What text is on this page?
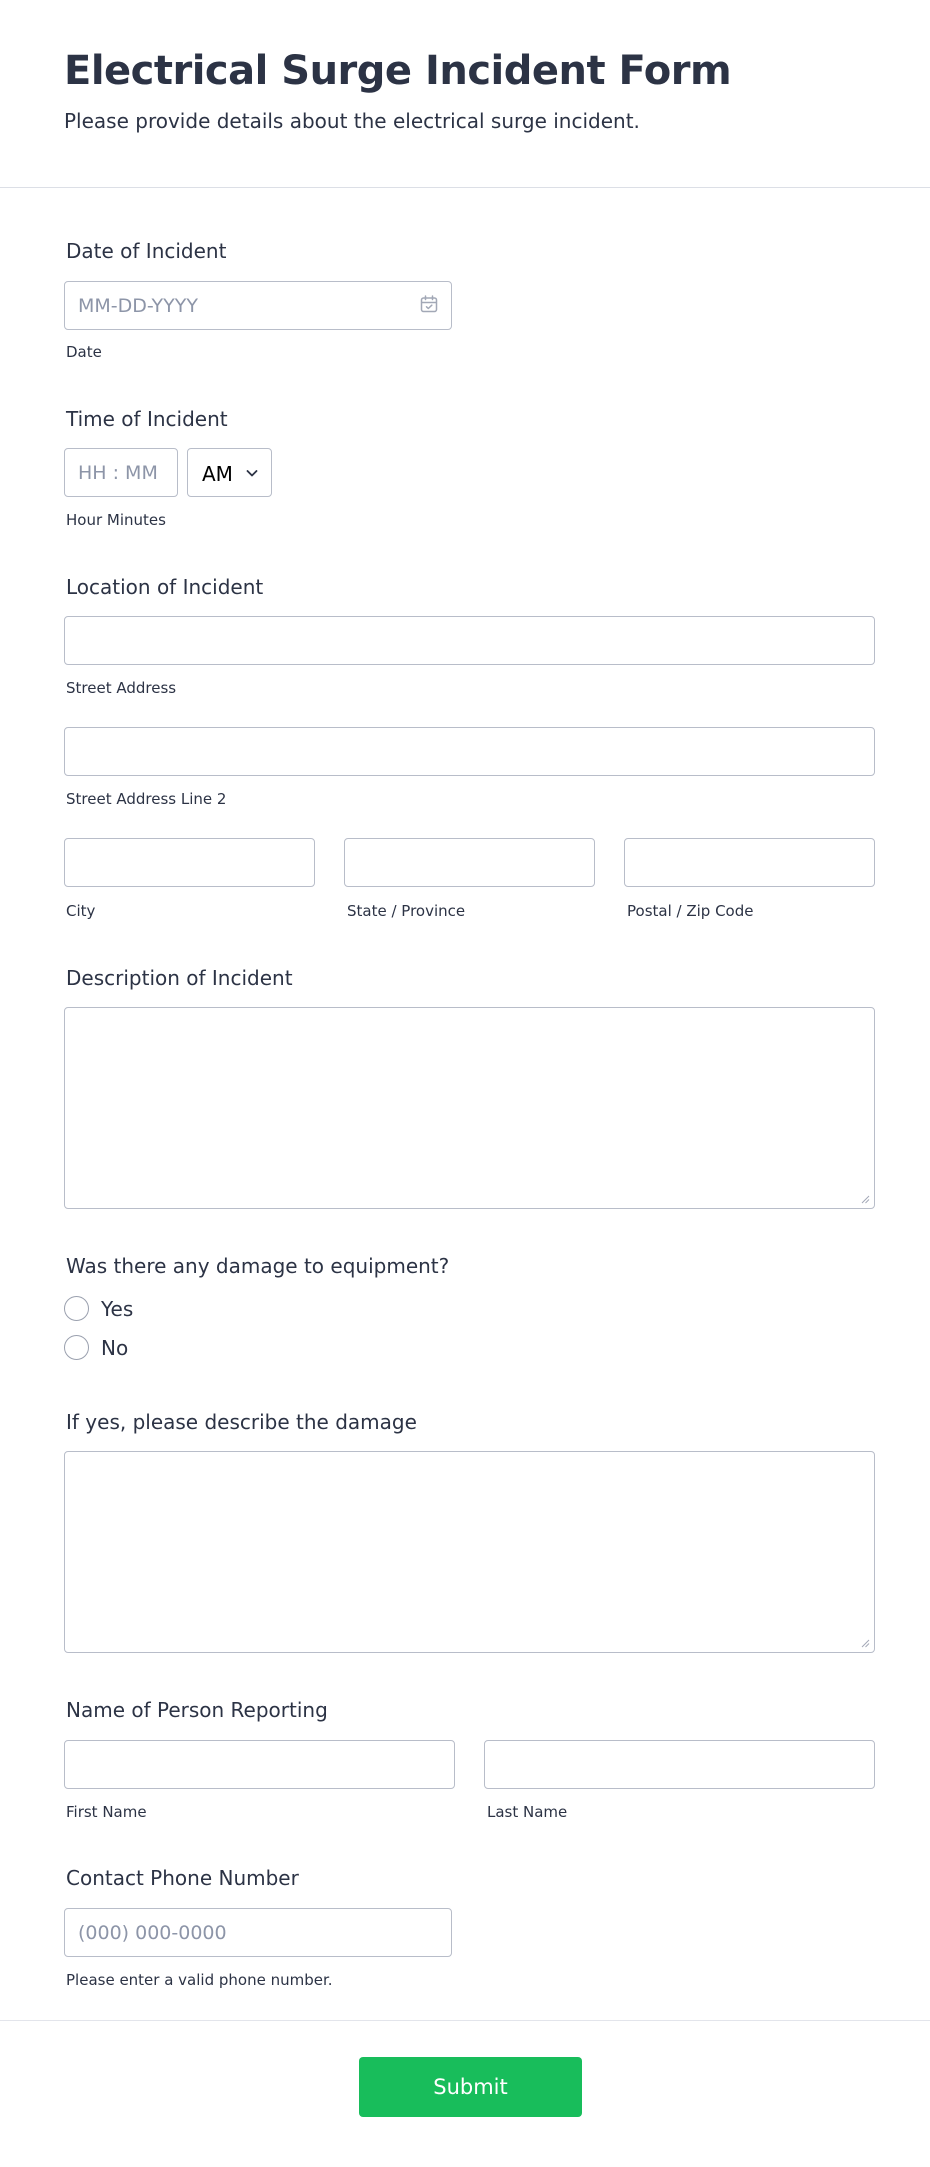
Electrical Surge Incident Form
Please provide details about the electrical surge incident.
Date of Incident
MM-DD-YYYY
Date
Time of Incident
HH : MM
AM
Hour Minutes
Location of Incident
Street Address
Street Address Line 2
City	State / Province	Postal / Zip Code
Description of Incident
Was there any damage to equipment?
Yes
No
If yes, please describe the damage
Name of Person Reporting
First Name	Last Name
Contact Phone Number
(000) 000-0000
Please enter a valid phone number.
Submit
